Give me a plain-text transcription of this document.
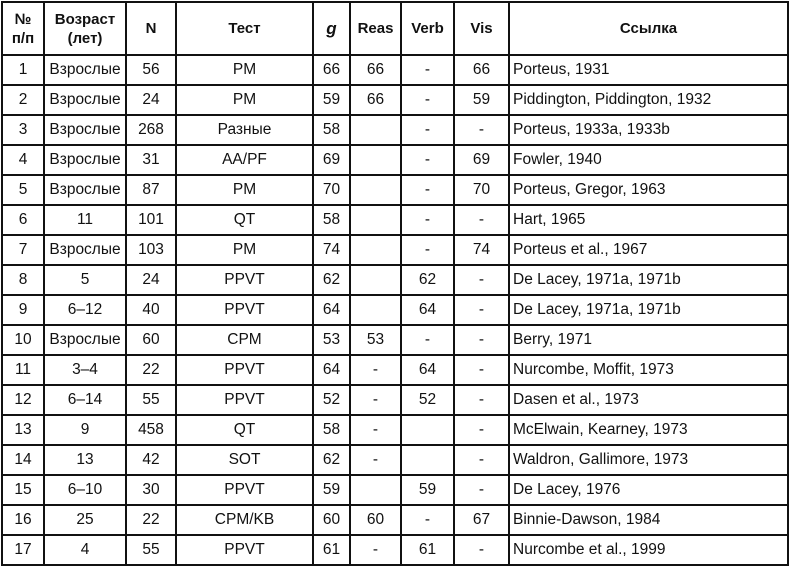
№ п/п	Возраст (лет)	N	Тест	g	Reas	Verb	Vis	Ссылка
1	Взрослые	56	PM	66	66	-	66	Porteus, 1931
2	Взрослые	24	PM	59	66	-	59	Piddington, Piddington, 1932
3	Взрослые	268	Разные	58		-	-	Porteus, 1933a, 1933b
4	Взрослые	31	AA/PF	69		-	69	Fowler, 1940
5	Взрослые	87	PM	70		-	70	Porteus, Gregor, 1963
6	11	101	QT	58		-	-	Hart, 1965
7	Взрослые	103	PM	74		-	74	Porteus et al., 1967
8	5	24	PPVT	62		62	-	De Lacey, 1971a, 1971b
9	6–12	40	PPVT	64		64	-	De Lacey, 1971a, 1971b
10	Взрослые	60	CPM	53	53	-	-	Berry, 1971
11	3–4	22	PPVT	64	-	64	-	Nurcombe, Moffit, 1973
12	6–14	55	PPVT	52	-	52	-	Dasen et al., 1973
13	9	458	QT	58	-		-	McElwain, Kearney, 1973
14	13	42	SOT	62	-		-	Waldron, Gallimore, 1973
15	6–10	30	PPVT	59		59	-	De Lacey, 1976
16	25	22	CPM/KB	60	60	-	67	Binnie-Dawson, 1984
17	4	55	PPVT	61	-	61	-	Nurcombe et al., 1999
